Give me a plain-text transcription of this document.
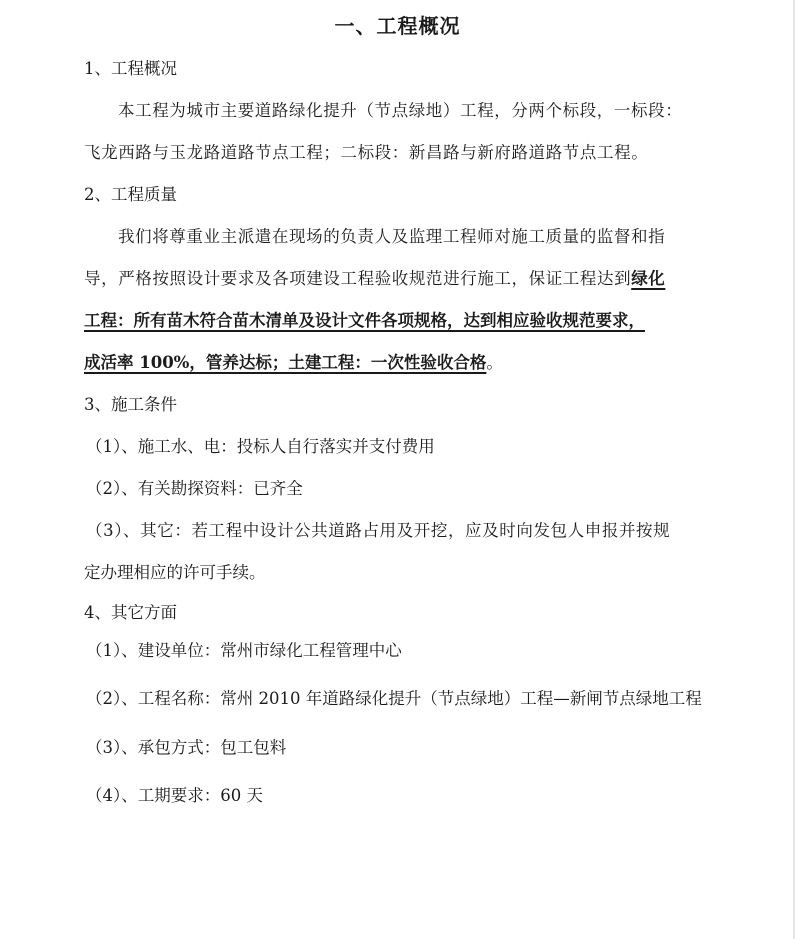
一、工程概况
1、工程概况
本工程为城市主要道路绿化提升（节点绿地）工程，分两个标段，一标段：
飞龙西路与玉龙路道路节点工程；二标段：新昌路与新府路道路节点工程。
2、工程质量
我们将尊重业主派遣在现场的负责人及监理工程师对施工质量的监督和指
导，严格按照设计要求及各项建设工程验收规范进行施工，保证工程达到绿化
工程：所有苗木符合苗木清单及设计文件各项规格，达到相应验收规范要求，
成活率 100%，管养达标；土建工程：一次性验收合格。
3、施工条件
（1）、施工水、电：投标人自行落实并支付费用
（2）、有关勘探资料：已齐全
（3）、其它：若工程中设计公共道路占用及开挖，应及时向发包人申报并按规
定办理相应的许可手续。
4、其它方面
（1）、建设单位：常州市绿化工程管理中心
（2）、工程名称：常州 2010 年道路绿化提升（节点绿地）工程—新闸节点绿地工程
（3）、承包方式：包工包料
（4）、工期要求：60 天
